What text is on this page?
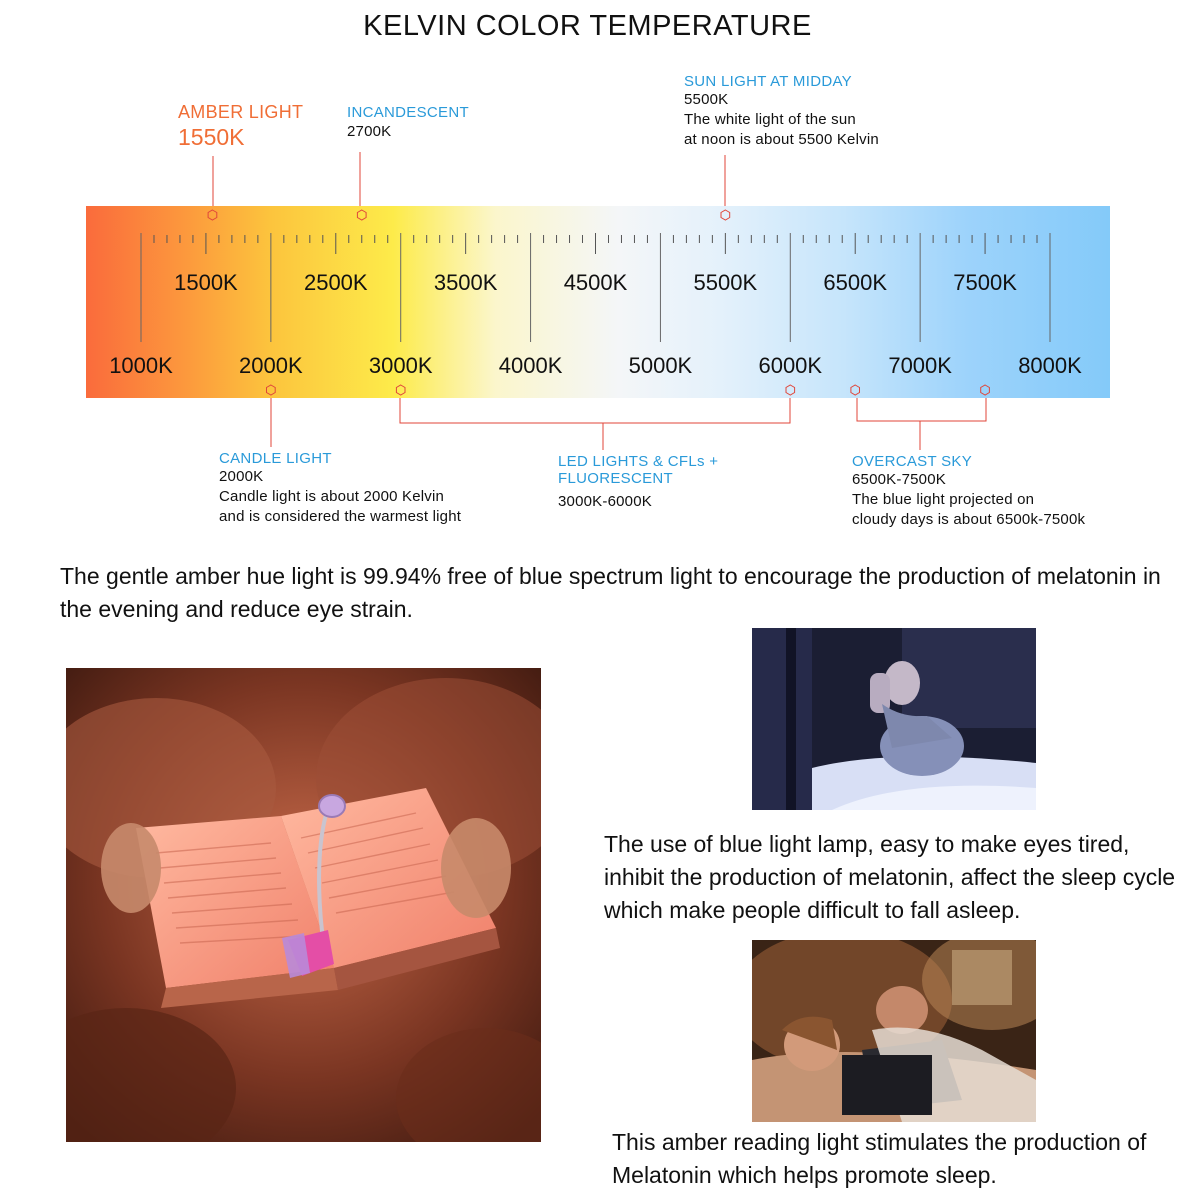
KELVIN COLOR TEMPERATURE
AMBER LIGHT
1550K
INCANDESCENT
2700K
SUN LIGHT AT MIDDAY
5500K
The white light of the sun
at noon is about 5500 Kelvin
1500K	2500K	3500K	4500K	5500K	6500K	7500K
1000K	2000K	3000K	4000K	5000K	6000K	7000K	8000K
CANDLE LIGHT
2000K
Candle light is about 2000 Kelvin
and is considered the warmest light
LED LIGHTS & CFLs +
FLUORESCENT
3000K-6000K
OVERCAST SKY
6500K-7500K
The blue light projected on
cloudy days is about 6500k-7500k
The gentle amber hue light is 99.94% free of blue spectrum light to encourage the production of melatonin in the evening and reduce eye strain.
The use of blue light lamp, easy to make eyes tired, inhibit the production of melatonin, affect the sleep cycle which make people difficult to fall asleep.
This amber reading light stimulates the production of Melatonin which helps promote sleep.
